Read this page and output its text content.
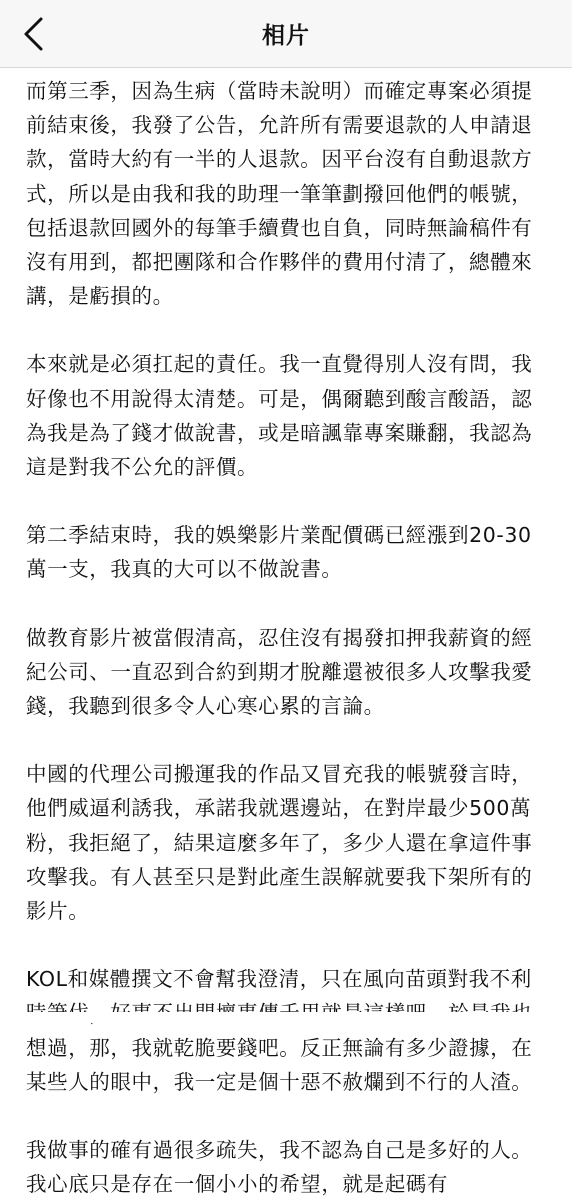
相片

而第三季，因為生病（當時未說明）而確定專案必須提前結束後，我發了公告，允許所有需要退款的人申請退款，當時大約有一半的人退款。因平台沒有自動退款方式，所以是由我和我的助理一筆筆劃撥回他們的帳號，包括退款回國外的每筆手續費也自負，同時無論稿件有沒有用到，都把團隊和合作夥伴的費用付清了，總體來講，是虧損的。

本來就是必須扛起的責任。我一直覺得別人沒有問，我好像也不用說得太清楚。可是，偶爾聽到酸言酸語，認為我是為了錢才做說書，或是暗諷靠專案賺翻，我認為這是對我不公允的評價。

第二季結束時，我的娛樂影片業配價碼已經漲到20-30萬一支，我真的大可以不做說書。

做教育影片被當假清高，忍住沒有揭發扣押我薪資的經紀公司、一直忍到合約到期才脫離還被很多人攻擊我愛錢，我聽到很多令人心寒心累的言論。

中國的代理公司搬運我的作品又冒充我的帳號發言時，他們威逼利誘我，承諾我就選邊站，在對岸最少500萬粉，我拒絕了，結果這麼多年了，多少人還在拿這件事攻擊我。有人甚至只是對此產生誤解就要我下架所有的影片。

KOL和媒體撰文不會幫我澄清，只在風向苗頭對我不利 想過，那，我就乾脆要錢吧。反正無論有多少證據，在某些人的眼中，我一定是個十惡不赦爛到不行的人渣。

我做事的確有過很多疏失，我不認為自己是多好的人。我心底只是存在一個小小的希望，就是起碼有
